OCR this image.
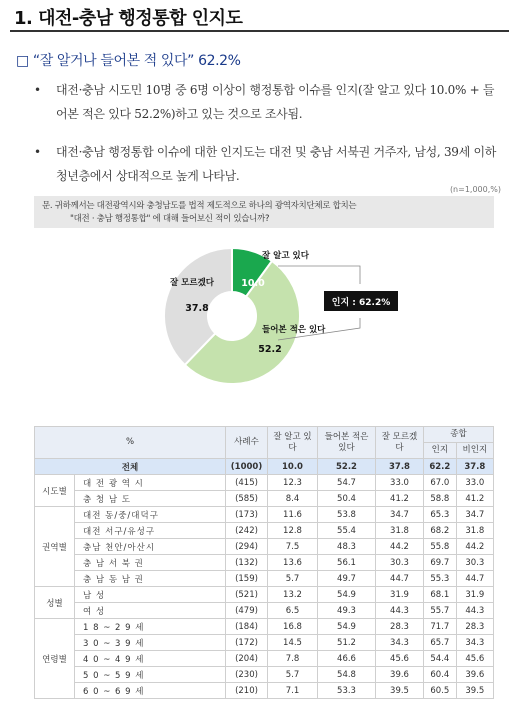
1. 대전-충남 행정통합 인지도
□ “잘 알거나 들어본 적 있다” 62.2%
• 대전·충남 시도민 10명 중 6명 이상이 행정통합 이슈를 인지(잘 알고 있다 10.0% + 들어본 적은 있다 52.2%)하고 있는 것으로 조사됨.
• 대전·충남 행정통합 이슈에 대한 인지도는 대전 및 충남 서북권 거주자, 남성, 39세 이하 청년층에서 상대적으로 높게 나타남.
(n=1,000,%)
문. 귀하께서는 대전광역시와 충청남도를 법적 제도적으로 하나의 광역자치단체로 합치는
"대전 · 충남 행정통합" 에 대해 들어보신 적이 있습니까?
인지 : 62.2%
잘 알고 있다
10.0
들어본 적은 있다
52.2
잘 모르겠다
37.8
%		사례수	잘 알고 있다	들어본 적은 있다	잘 모르겠다	종합	
						인지	비인지
전체		(1000)	10.0	52.2	37.8	62.2	37.8
시도별	대 전 광 역 시	(415)	12.3	54.7	33.0	67.0	33.0
	충 청 남 도	(585)	8.4	50.4	41.2	58.8	41.2
권역별	대전 동/중/대덕구	(173)	11.6	53.8	34.7	65.3	34.7
	대전 서구/유성구	(242)	12.8	55.4	31.8	68.2	31.8
	충남 천안/아산시	(294)	7.5	48.3	44.2	55.8	44.2
	충 남 서 북 권	(132)	13.6	56.1	30.3	69.7	30.3
	충 남 동 남 권	(159)	5.7	49.7	44.7	55.3	44.7
성별	남 성	(521)	13.2	54.9	31.9	68.1	31.9
	여 성	(479)	6.5	49.3	44.3	55.7	44.3
연령별	1 8 ~ 2 9 세	(184)	16.8	54.9	28.3	71.7	28.3
	3 0 ~ 3 9 세	(172)	14.5	51.2	34.3	65.7	34.3
	4 0 ~ 4 9 세	(204)	7.8	46.6	45.6	54.4	45.6
	5 0 ~ 5 9 세	(230)	5.7	54.8	39.6	60.4	39.6
	6 0 ~ 6 9 세	(210)	7.1	53.3	39.5	60.5	39.5
